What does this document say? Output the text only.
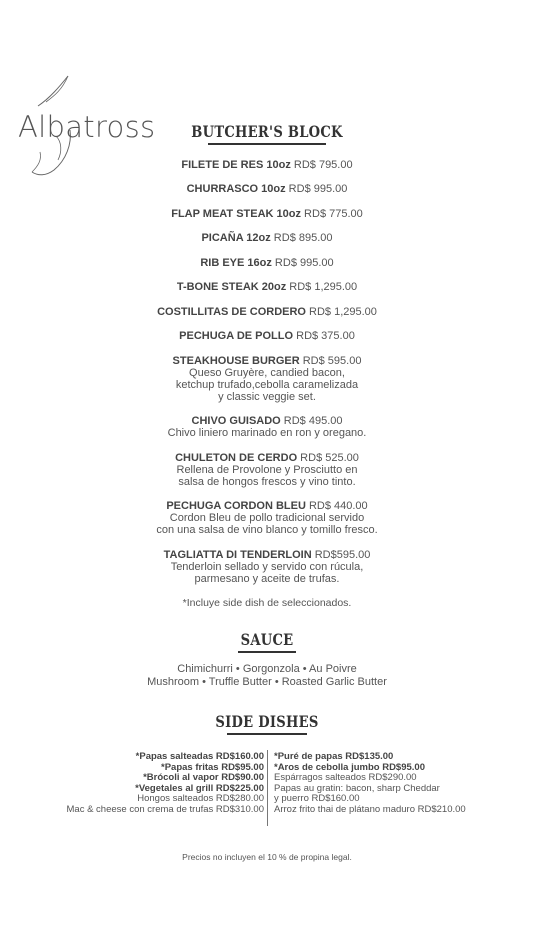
Albatross	BUTCHER'S BLOCK
FILETE DE RES 10oz RD$ 795.00
CHURRASCO 10oz RD$ 995.00
FLAP MEAT STEAK 10oz RD$ 775.00
PICAÑA 12oz RD$ 895.00
RIB EYE 16oz RD$ 995.00
T-BONE STEAK 20oz RD$ 1,295.00
COSTILLITAS DE CORDERO RD$ 1,295.00
PECHUGA DE POLLO RD$ 375.00
STEAKHOUSE BURGER RD$ 595.00
Queso Gruyère, candied bacon,
ketchup trufado,cebolla caramelizada
y classic veggie set.
CHIVO GUISADO RD$ 495.00
Chivo liniero marinado en ron y oregano.
CHULETON DE CERDO RD$ 525.00
Rellena de Provolone y Prosciutto en
salsa de hongos frescos y vino tinto.
PECHUGA CORDON BLEU RD$ 440.00
Cordon Bleu de pollo tradicional servido
con una salsa de vino blanco y tomillo fresco.
TAGLIATTA DI TENDERLOIN RD$595.00
Tenderloin sellado y servido con rúcula,
parmesano y aceite de trufas.
*Incluye side dish de seleccionados.
SAUCE
Chimichurri • Gorgonzola • Au Poivre
Mushroom • Truffle Butter • Roasted Garlic Butter
SIDE DISHES
*Papas salteadas RD$160.00
*Papas fritas RD$95.00
*Brócoli al vapor RD$90.00
*Vegetales al grill RD$225.00
Hongos salteados RD$280.00
Mac & cheese con crema de trufas RD$310.00
*Puré de papas RD$135.00
*Aros de cebolla jumbo RD$95.00
Espárragos salteados RD$290.00
Papas au gratin: bacon, sharp Cheddar
y puerro RD$160.00
Arroz frito thai de plátano maduro RD$210.00
Precios no incluyen el 10 % de propina legal.
